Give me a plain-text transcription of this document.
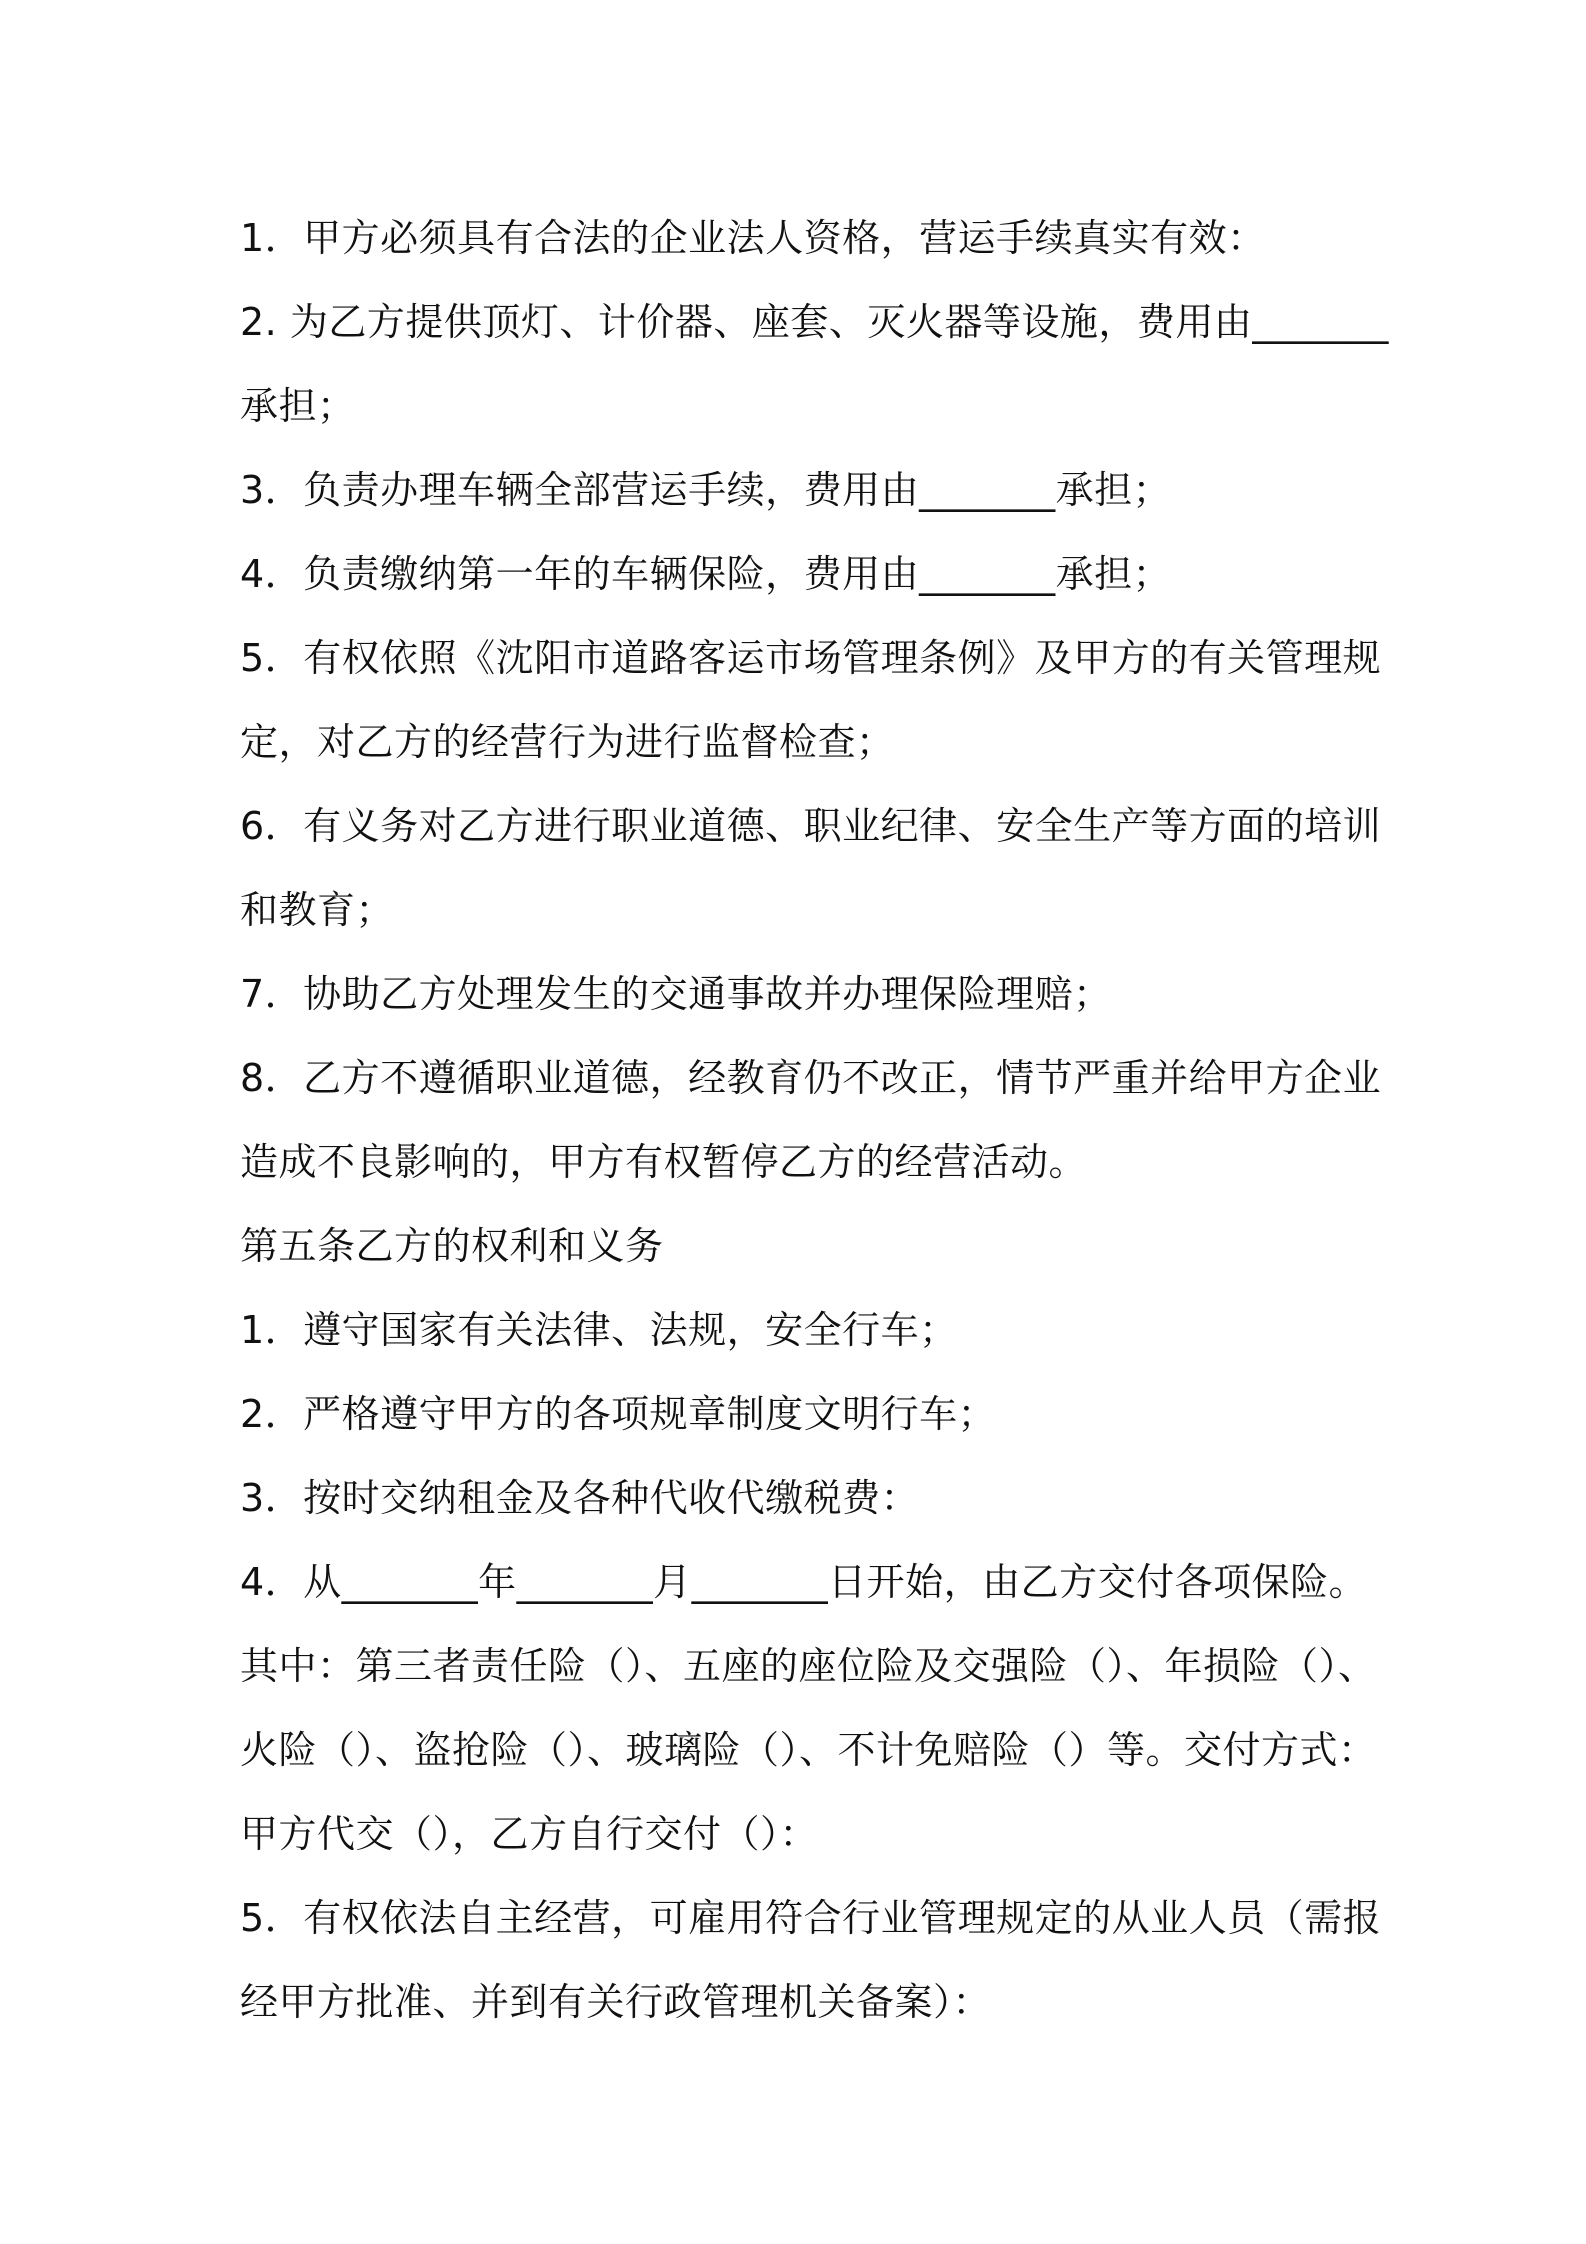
1．甲方必须具有合法的企业法人资格，营运手续真实有效：
2. 为乙方提供顶灯、计价器、座套、灭火器等设施，费用由_______
承担；
3．负责办理车辆全部营运手续，费用由_______承担；
4．负责缴纳第一年的车辆保险，费用由_______承担；
5．有权依照《沈阳市道路客运市场管理条例》及甲方的有关管理规
定，对乙方的经营行为进行监督检查；
6．有义务对乙方进行职业道德、职业纪律、安全生产等方面的培训
和教育；
7．协助乙方处理发生的交通事故并办理保险理赔；
8．乙方不遵循职业道德，经教育仍不改正，情节严重并给甲方企业
造成不良影响的，甲方有权暂停乙方的经营活动。
第五条乙方的权利和义务
1．遵守国家有关法律、法规，安全行车；
2．严格遵守甲方的各项规章制度文明行车；
3．按时交纳租金及各种代收代缴税费：
4．从_______年_______月_______日开始，由乙方交付各项保险。
其中：第三者责任险（）、五座的座位险及交强险（）、年损险（）、
火险（）、盗抢险（）、玻璃险（）、不计免赔险（）等。交付方式：
甲方代交（），乙方自行交付（）：
5．有权依法自主经营，可雇用符合行业管理规定的从业人员（需报
经甲方批准、并到有关行政管理机关备案）：
